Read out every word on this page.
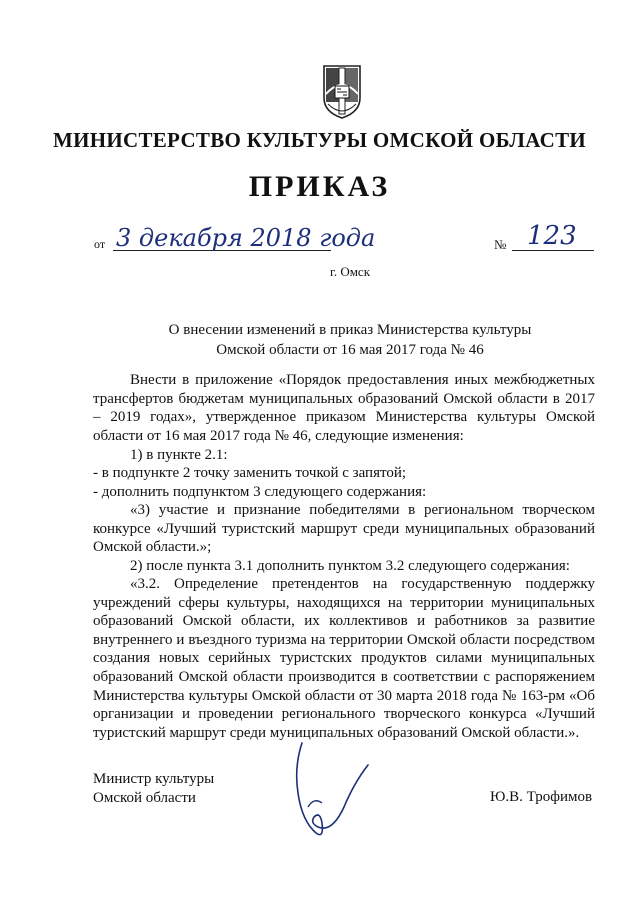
МИНИСТЕРСТВО КУЛЬТУРЫ ОМСКОЙ ОБЛАСТИ
ПРИКАЗ
от 3 декабря 2018 года	№ 123
г. Омск
О внесении изменений в приказ Министерства культуры
Омской области от 16 мая 2017 года № 46
Внести в приложение «Порядок предоставления иных межбюджетных трансфертов бюджетам муниципальных образований Омской области в 2017 – 2019 годах», утвержденное приказом Министерства культуры Омской области от 16 мая 2017 года № 46, следующие изменения:
1) в пункте 2.1:
- в подпункте 2 точку заменить точкой с запятой;
- дополнить подпунктом 3 следующего содержания:
«3) участие и признание победителями в региональном творческом конкурсе «Лучший туристский маршрут среди муниципальных образований Омской области.»;
2) после пункта 3.1 дополнить пунктом 3.2 следующего содержания:
«3.2. Определение претендентов на государственную поддержку учреждений сферы культуры, находящихся на территории муниципальных образований Омской области, их коллективов и работников за развитие внутреннего и въездного туризма на территории Омской области посредством создания новых серийных туристских продуктов силами муниципальных образований Омской области производится в соответствии с распоряжением Министерства культуры Омской области от 30 марта 2018 года № 163-рм «Об организации и проведении регионального творческого конкурса «Лучший туристский маршрут среди муниципальных образований Омской области.».
Министр культуры
Омской области	Ю.В. Трофимов
